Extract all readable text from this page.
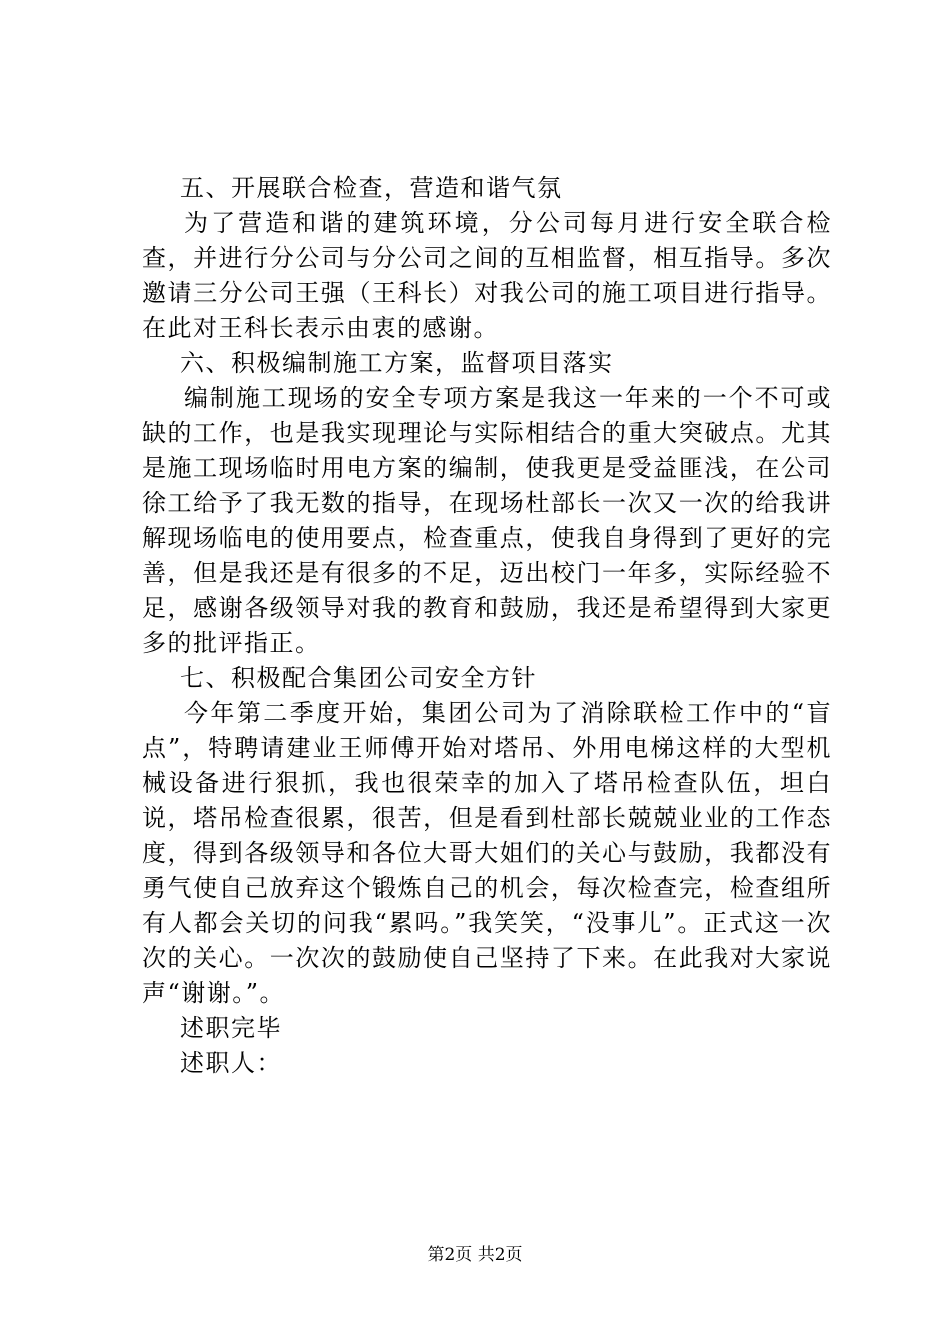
五、开展联合检查，营造和谐气氛

为了营造和谐的建筑环境，分公司每月进行安全联合检查，并进行分公司与分公司之间的互相监督，相互指导。多次邀请三分公司王强（王科长）对我公司的施工项目进行指导。在此对王科长表示由衷的感谢。

六、积极编制施工方案，监督项目落实

编制施工现场的安全专项方案是我这一年来的一个不可或缺的工作，也是我实现理论与实际相结合的重大突破点。尤其是施工现场临时用电方案的编制，使我更是受益匪浅，在公司徐工给予了我无数的指导，在现场杜部长一次又一次的给我讲解现场临电的使用要点，检查重点，使我自身得到了更好的完善，但是我还是有很多的不足，迈出校门一年多，实际经验不足，感谢各级领导对我的教育和鼓励，我还是希望得到大家更多的批评指正。

七、积极配合集团公司安全方针

今年第二季度开始，集团公司为了消除联检工作中的“盲点”，特聘请建业王师傅开始对塔吊、外用电梯这样的大型机械设备进行狠抓，我也很荣幸的加入了塔吊检查队伍，坦白说，塔吊检查很累，很苦，但是看到杜部长兢兢业业的工作态度，得到各级领导和各位大哥大姐们的关心与鼓励，我都没有勇气使自己放弃这个锻炼自己的机会，每次检查完，检查组所有人都会关切的问我“累吗。”我笑笑，“没事儿”。正式这一次次的关心。一次次的鼓励使自己坚持了下来。在此我对大家说声“谢谢。”。

述职完毕

述职人：

第2页 共2页
